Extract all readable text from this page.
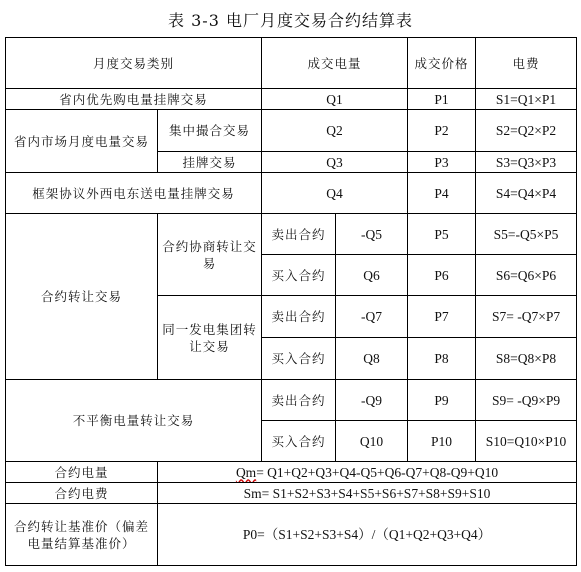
表 3-3 电厂月度交易合约结算表
月度交易类别		成交电量		成交价格	电费
省内优先购电量挂牌交易		Q1		P1	S1=Q1×P1
省内市场月度电量交易	集中撮合交易	Q2		P2	S2=Q2×P2
	挂牌交易	Q3		P3	S3=Q3×P3
框架协议外西电东送电量挂牌交易		Q4		P4	S4=Q4×P4
合约转让交易	合约协商转让交易	卖出合约	-Q5	P5	S5=-Q5×P5
		买入合约	Q6	P6	S6=Q6×P6
	同一发电集团转让交易	卖出合约	-Q7	P7	S7= -Q7×P7
		买入合约	Q8	P8	S8=Q8×P8
不平衡电量转让交易		卖出合约	-Q9	P9	S9= -Q9×P9
		买入合约	Q10	P10	S10=Q10×P10
合约电量	Qm= Q1+Q2+Q3+Q4-Q5+Q6-Q7+Q8-Q9+Q10				
合约电费	Sm= S1+S2+S3+S4+S5+S6+S7+S8+S9+S10				
合约转让基准价（偏差电量结算基准价）	P0=（S1+S2+S3+S4）/（Q1+Q2+Q3+Q4）				
